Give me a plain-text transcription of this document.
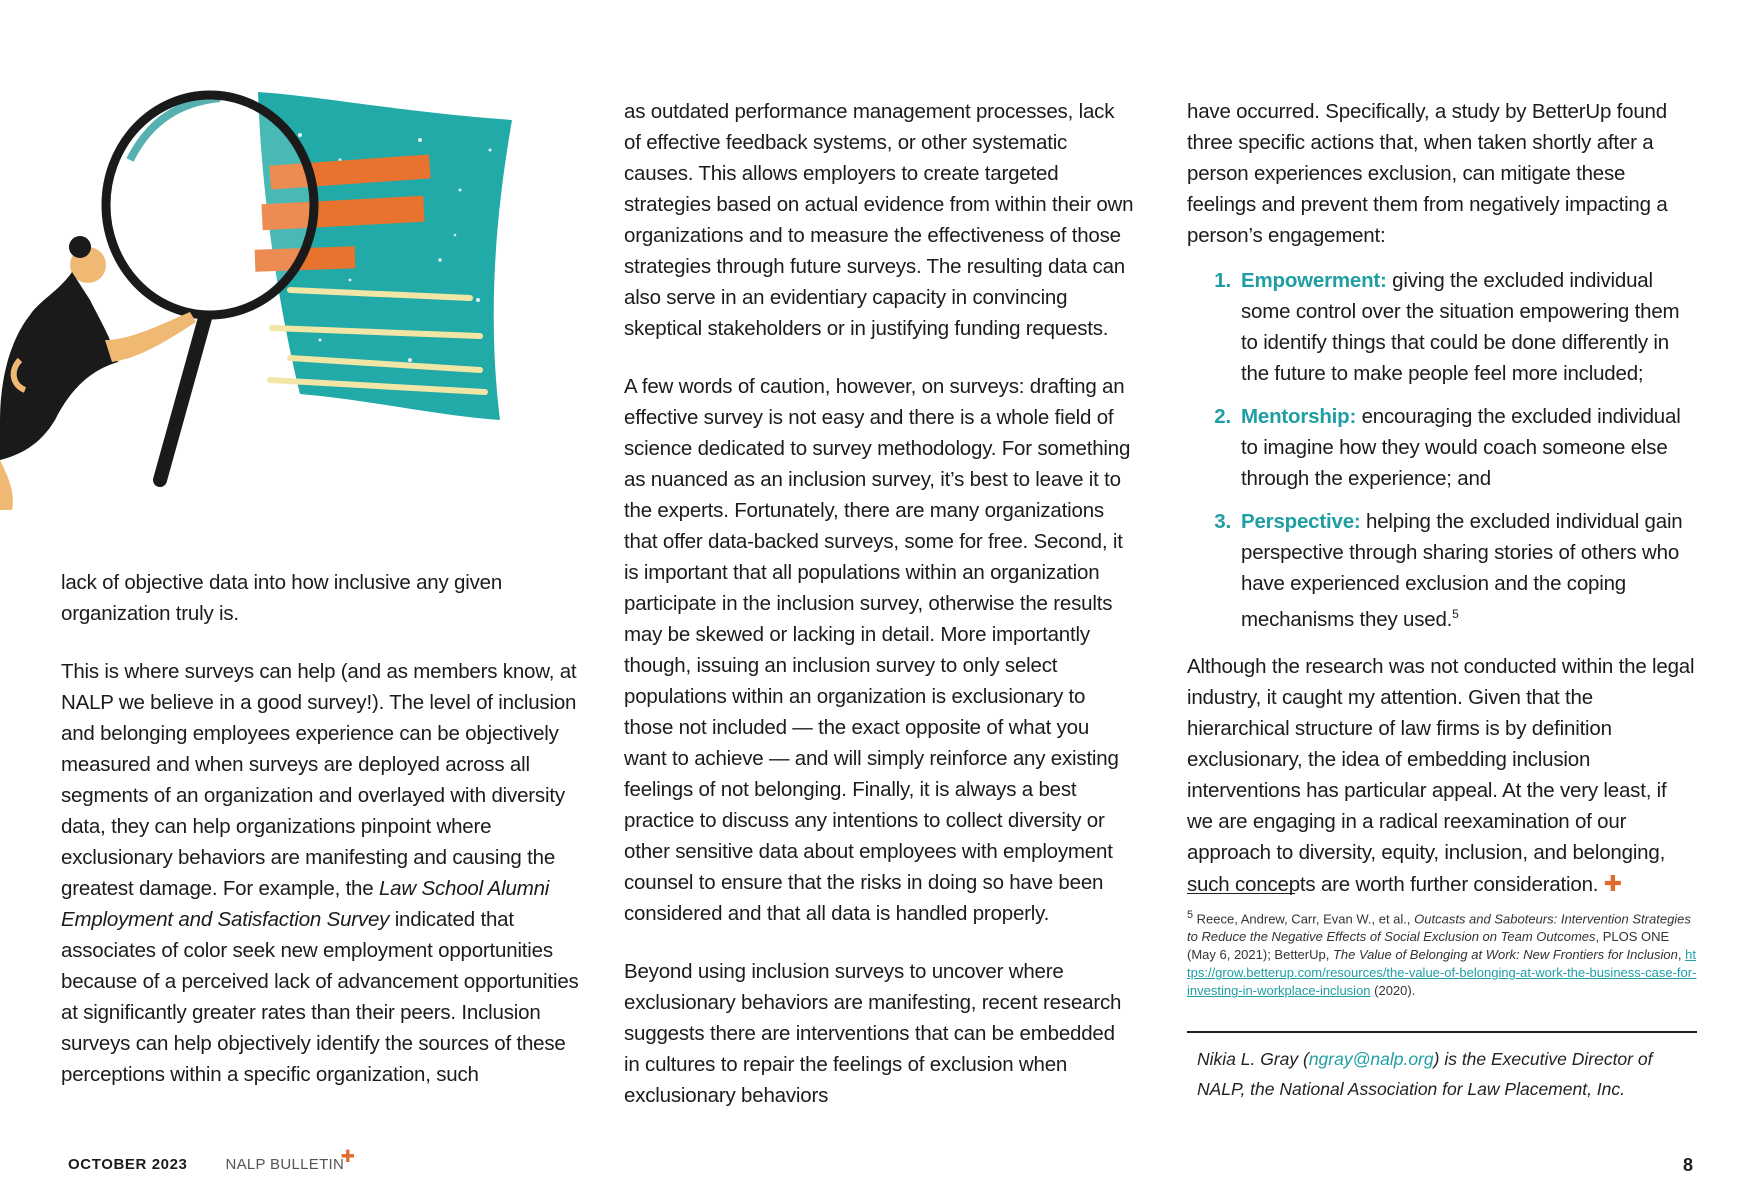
lack of objective data into how inclusive any given organization truly is.

This is where surveys can help (and as members know, at NALP we believe in a good survey!). The level of inclusion and belonging employees experience can be objectively measured and when surveys are deployed across all segments of an organization and overlayed with diversity data, they can help organizations pinpoint where exclusionary behaviors are manifesting and causing the greatest damage. For example, the Law School Alumni Employment and Satisfaction Survey indicated that associates of color seek new employment opportunities because of a perceived lack of advancement opportunities at significantly greater rates than their peers. Inclusion surveys can help objectively identify the sources of these perceptions within a specific organization, such

as outdated performance management processes, lack of effective feedback systems, or other systematic causes. This allows employers to create targeted strategies based on actual evidence from within their own organizations and to measure the effectiveness of those strategies through future surveys. The resulting data can also serve in an evidentiary capacity in convincing skeptical stakeholders or in justifying funding requests.

A few words of caution, however, on surveys: drafting an effective survey is not easy and there is a whole field of science dedicated to survey methodology. For something as nuanced as an inclusion survey, it’s best to leave it to the experts. Fortunately, there are many organizations that offer data-backed surveys, some for free. Second, it is important that all populations within an organization participate in the inclusion survey, otherwise the results may be skewed or lacking in detail. More importantly though, issuing an inclusion survey to only select populations within an organization is exclusionary to those not included — the exact opposite of what you want to achieve — and will simply reinforce any existing feelings of not belonging. Finally, it is always a best practice to discuss any intentions to collect diversity or other sensitive data about employees with employment counsel to ensure that the risks in doing so have been considered and that all data is handled properly.

Beyond using inclusion surveys to uncover where exclusionary behaviors are manifesting, recent research suggests there are interventions that can be embedded in cultures to repair the feelings of exclusion when exclusionary behaviors

have occurred. Specifically, a study by BetterUp found three specific actions that, when taken shortly after a person experiences exclusion, can mitigate these feelings and prevent them from negatively impacting a person’s engagement:

1. Empowerment: giving the excluded individual some control over the situation empowering them to identify things that could be done differently in the future to make people feel more included;
2. Mentorship: encouraging the excluded individual to imagine how they would coach someone else through the experience; and
3. Perspective: helping the excluded individual gain perspective through sharing stories of others who have experienced exclusion and the coping mechanisms they used.$^5$

Although the research was not conducted within the legal industry, it caught my attention. Given that the hierarchical structure of law firms is by definition exclusionary, the idea of embedding inclusion interventions has particular appeal. At the very least, if we are engaging in a radical reexamination of our approach to diversity, equity, inclusion, and belonging, such concepts are worth further consideration. ✚

$^5$ Reece, Andrew, Carr, Evan W., et al., Outcasts and Saboteurs: Intervention Strategies to Reduce the Negative Effects of Social Exclusion on Team Outcomes, PLOS ONE (May 6, 2021); BetterUp, The Value of Belonging at Work: New Frontiers for Inclusion, https://grow.betterup.com/resources/the-value-of-belonging-at-work-the-business-case-for-investing-in-workplace-inclusion (2020).
Nikia L. Gray (ngray@nalp.org) is the Executive Director of NALP, the National Association for Law Placement, Inc.
OCTOBER 2023	NALP BULLETIN
✚	8
